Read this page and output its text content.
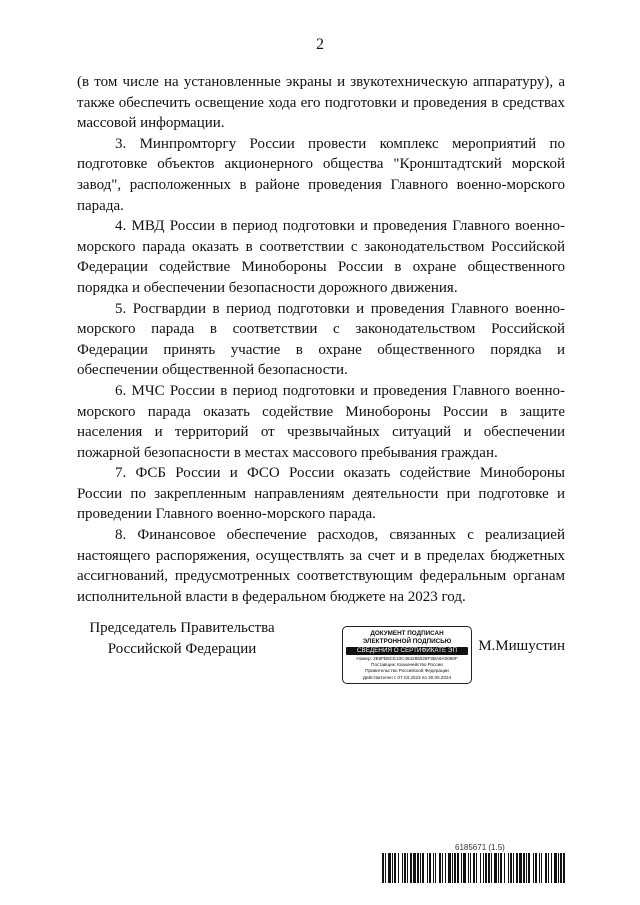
2

(в том числе на установленные экраны и звукотехническую аппаратуру), а также обеспечить освещение хода его подготовки и проведения в средствах массовой информации.

3. Минпромторгу России провести комплекс мероприятий по подготовке объектов акционерного общества "Кронштадтский морской завод", расположенных в районе проведения Главного военно-морского парада.

4. МВД России в период подготовки и проведения Главного военно-морского парада оказать в соответствии с законодательством Российской Федерации содействие Минобороны России в охране общественного порядка и обеспечении безопасности дорожного движения.

5. Росгвардии в период подготовки и проведения Главного военно-морского парада в соответствии с законодательством Российской Федерации принять участие в охране общественного порядка и обеспечении общественной безопасности.

6. МЧС России в период подготовки и проведения Главного военно-морского парада оказать содействие Минобороны России в защите населения и территорий от чрезвычайных ситуаций и обеспечении пожарной безопасности в местах массового пребывания граждан.

7. ФСБ России и ФСО России оказать содействие Минобороны России по закрепленным направлениям деятельности при подготовке и проведении Главного военно-морского парада.

8. Финансовое обеспечение расходов, связанных с реализацией настоящего распоряжения, осуществлять за счет и в пределах бюджетных ассигнований, предусмотренных соответствующим федеральным органам исполнительной власти в федеральном бюджете на 2023 год.

Председатель Правительства
Российской Федерации
ДОКУМЕНТ ПОДПИСАН
ЭЛЕКТРОННОЙ ПОДПИСЬЮ
СВЕДЕНИЯ О СЕРТИФИКАТЕ ЭП
Номер: 2E8FB6CE10C464286028F3BA6A0086F
Поставщик: Казначейство России
Правительство Российской Федерации
Действителен с 07.03.2023 по 30.05.2024
М.Мишустин
6185671 (1.5)
